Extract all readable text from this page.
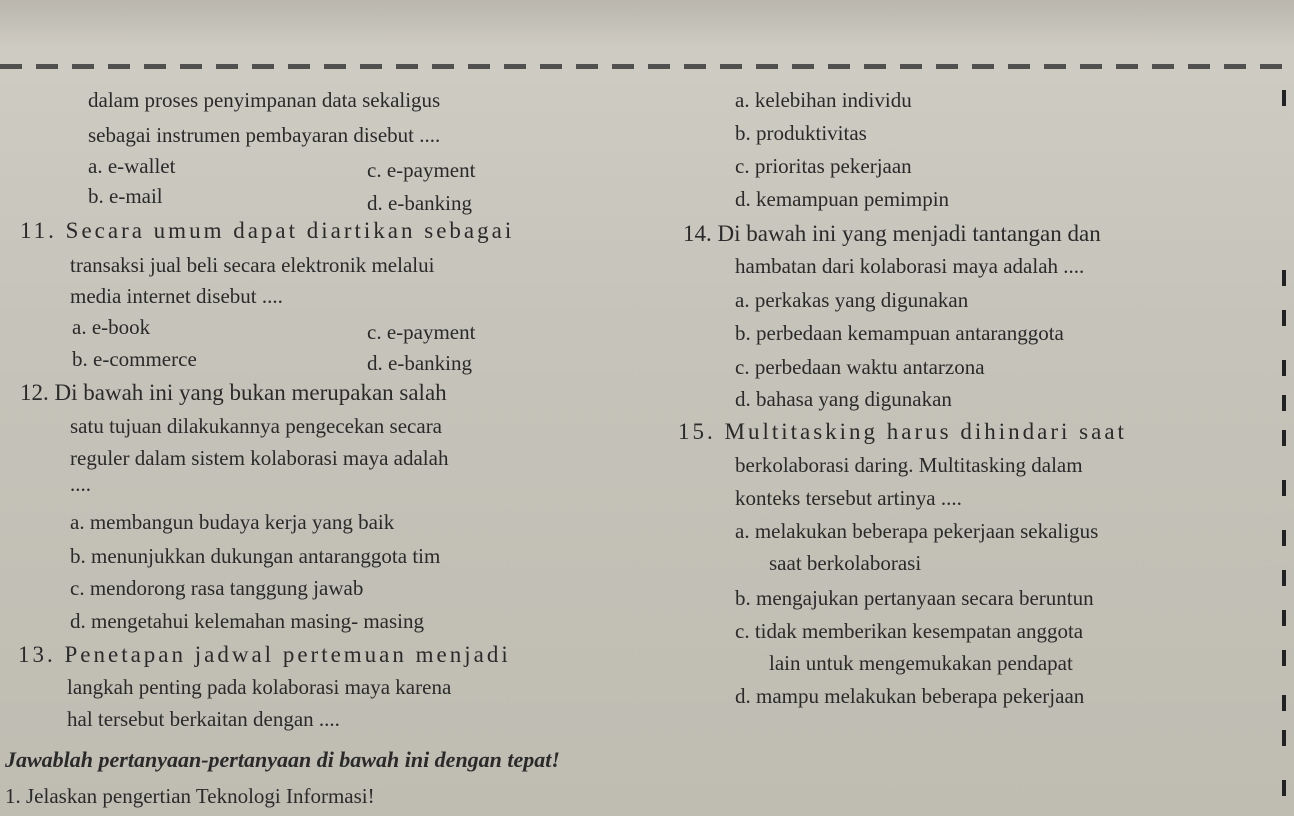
dalam proses penyimpanan data sekaligus
sebagai instrumen pembayaran disebut ....
a. e-wallet	c. e-payment
b. e-mail	d. e-banking
11. Secara umum dapat diartikan sebagai
transaksi jual beli secara elektronik melalui
media internet disebut ....
a. e-book	c. e-payment
b. e-commerce	d. e-banking
12. Di bawah ini yang bukan merupakan salah
satu tujuan dilakukannya pengecekan secara
reguler dalam sistem kolaborasi maya adalah
....
a. membangun budaya kerja yang baik
b. menunjukkan dukungan antaranggota tim
c. mendorong rasa tanggung jawab
d. mengetahui kelemahan masing- masing
13. Penetapan jadwal pertemuan menjadi
langkah penting pada kolaborasi maya karena
hal tersebut berkaitan dengan ....
a. kelebihan individu
b. produktivitas
c. prioritas pekerjaan
d. kemampuan pemimpin
14. Di bawah ini yang menjadi tantangan dan
hambatan dari kolaborasi maya adalah ....
a. perkakas yang digunakan
b. perbedaan kemampuan antaranggota
c. perbedaan waktu antarzona
d. bahasa yang digunakan
15. Multitasking harus dihindari saat
berkolaborasi daring. Multitasking dalam
konteks tersebut artinya ....
a. melakukan beberapa pekerjaan sekaligus
saat berkolaborasi
b. mengajukan pertanyaan secara beruntun
c. tidak memberikan kesempatan anggota
lain untuk mengemukakan pendapat
d. mampu melakukan beberapa pekerjaan
Jawablah pertanyaan-pertanyaan di bawah ini dengan tepat!
1. Jelaskan pengertian Teknologi Informasi!
